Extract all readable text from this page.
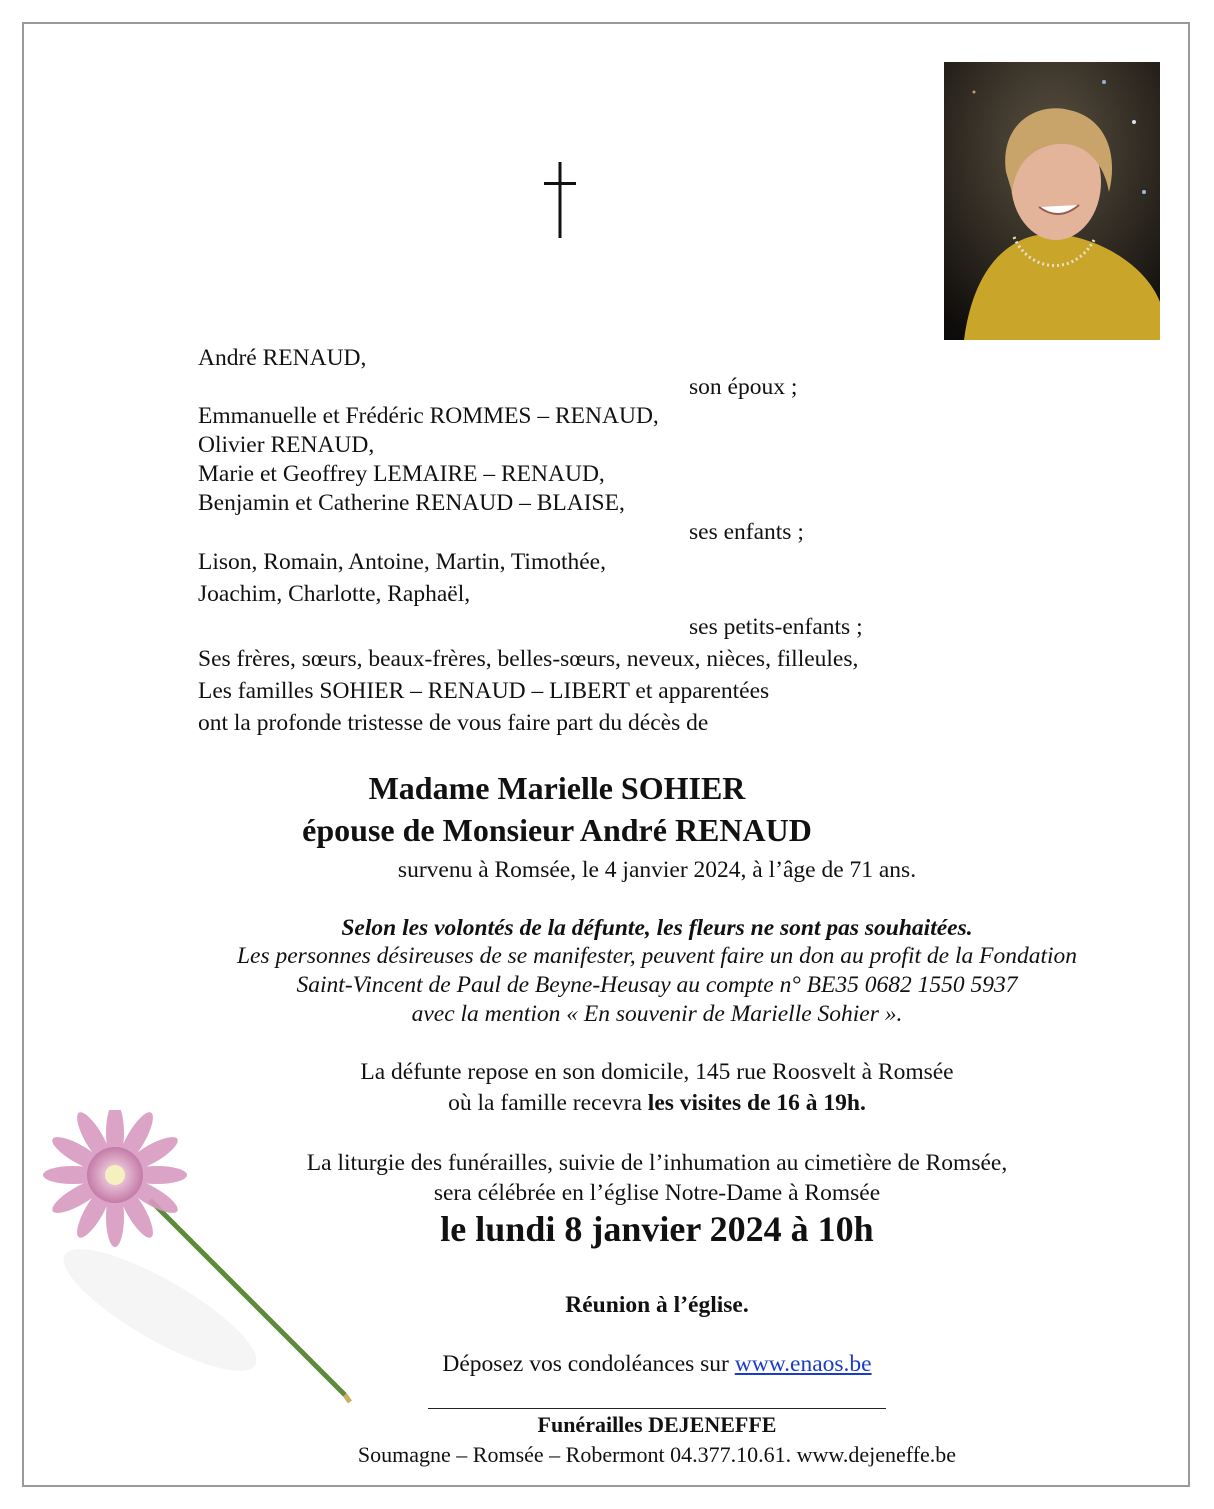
André RENAUD,
son époux ;
Emmanuelle et Frédéric ROMMES – RENAUD,
Olivier RENAUD,
Marie et Geoffrey LEMAIRE – RENAUD,
Benjamin et Catherine RENAUD – BLAISE,
ses enfants ;
Lison, Romain, Antoine, Martin, Timothée,
Joachim, Charlotte, Raphaël,
ses petits-enfants ;
Ses frères, sœurs, beaux-frères, belles-sœurs, neveux, nièces, filleules,
Les familles SOHIER – RENAUD – LIBERT et apparentées
ont la profonde tristesse de vous faire part du décès de
Madame Marielle SOHIER
épouse de Monsieur André RENAUD
survenu à Romsée, le 4 janvier 2024, à l’âge de 71 ans.
Selon les volontés de la défunte, les fleurs ne sont pas souhaitées.
Les personnes désireuses de se manifester, peuvent faire un don au profit de la Fondation
Saint-Vincent de Paul de Beyne-Heusay au compte n° BE35 0682 1550 5937
avec la mention « En souvenir de Marielle Sohier ».
La défunte repose en son domicile, 145 rue Roosvelt à Romsée
où la famille recevra les visites de 16 à 19h.
La liturgie des funérailles, suivie de l’inhumation au cimetière de Romsée,
sera célébrée en l’église Notre-Dame à Romsée
le lundi 8 janvier 2024 à 10h
Réunion à l’église.
Déposez vos condoléances sur www.enaos.be
Funérailles DEJENEFFE
Soumagne – Romsée – Robermont 04.377.10.61. www.dejeneffe.be
